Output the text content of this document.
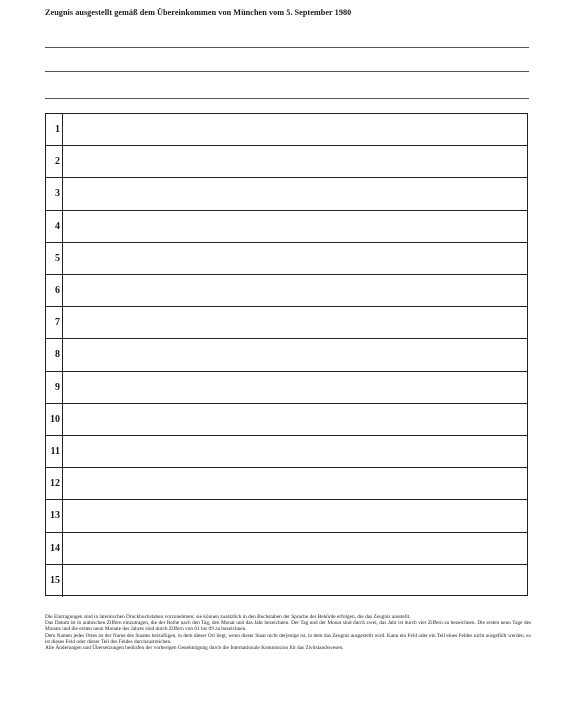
Zeugnis ausgestellt gemäß dem Übereinkommen von München vom 5. September 1980
1
2
3
4
5
6
7
8
9
10
11
12
13
14
15

Die Eintragungen sind in lateinischen Druckbuchstaben vorzunehmen; sie können zusätzlich in den Buchstaben der Sprache der Behörde erfolgen, die das Zeugnis ausstellt.

Das Datum ist in arabischen Ziffern einzutragen, die der Reihe nach den Tag, den Monat und das Jahr bezeichnen. Der Tag und der Monat sind durch zwei, das Jahr ist durch vier Ziffern zu bezeichnen. Die ersten neun Tage des Monats und die ersten neun Monate des Jahres sind durch Ziffern von 01 bis 09 zu bezeichnen.

Dem Namen jedes Ortes ist der Name des Staates beizufügen, in dem dieser Ort liegt, wenn dieser Staat nicht derjenige ist, in dem das Zeugnis ausgestellt wird. Kann ein Feld oder ein Teil eines Feldes nicht ausgefüllt werden, so ist dieses Feld oder dieser Teil des Feldes durchzustreichen.

Alle Änderungen und Übersetzungen bedürfen der vorherigen Genehmigung durch die Internationale Kommission für das Zivilstandswesen.
